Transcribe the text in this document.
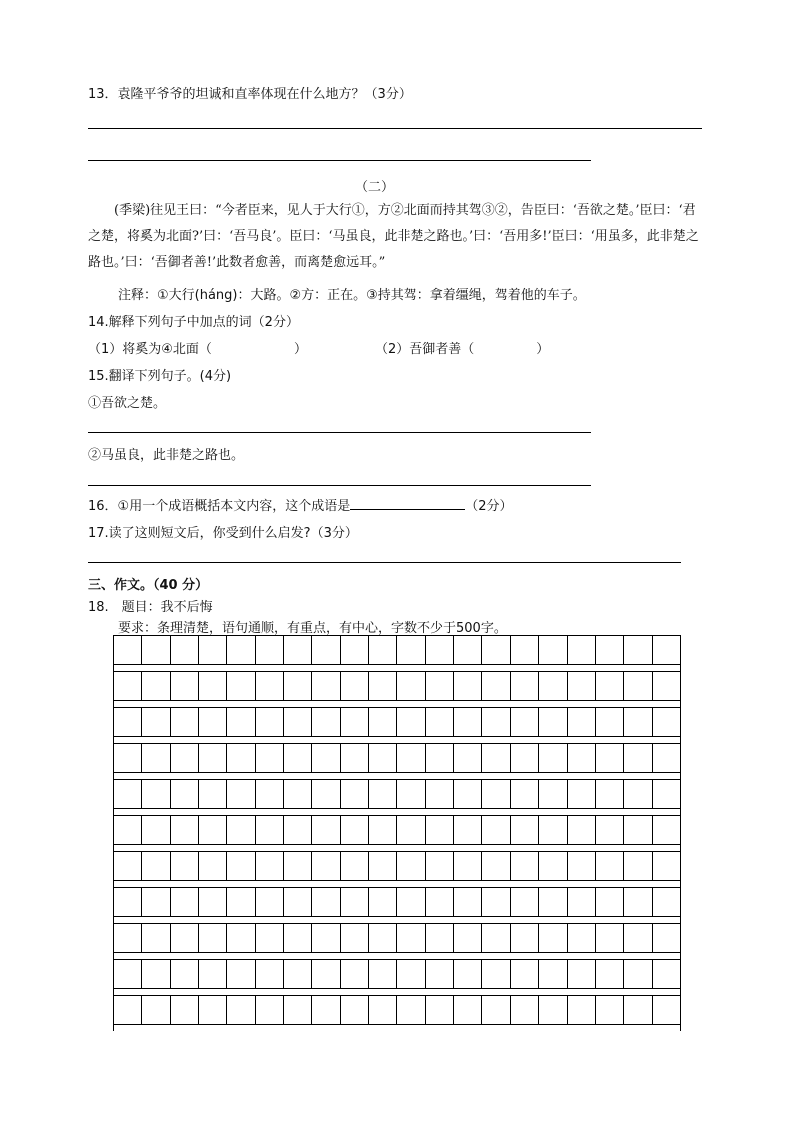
13．袁隆平爷爷的坦诚和直率体现在什么地方？（3分）
（二）
(季梁)往见王曰：“今者臣来，见人于大行①，方②北面而持其驾③②，告臣曰：‘吾欲之楚。’臣曰：‘君之楚，将奚为北面?’曰：‘吾马良’。臣曰：‘马虽良，此非楚之路也。’曰：‘吾用多!’臣曰：‘用虽多，此非楚之路也。’曰：‘吾御者善!’此数者愈善，而离楚愈远耳。”
注释：①大行(háng)：大路。②方：正在。③持其驾：拿着缰绳，驾着他的车子。
14.解释下列句子中加点的词（2分）
（1）将奚为④北面（	）	（2）吾御者善（	）
15.翻译下列句子。(4分)
①吾欲之楚。
②马虽良，此非楚之路也。
16．①用一个成语概括本文内容，这个成语是	（2分）
17.读了这则短文后，你受到什么启发?（3分）
三、作文。（40 分）
18.　题目：我不后悔
要求：条理清楚，语句通顺，有重点，有中心，字数不少于500字。
